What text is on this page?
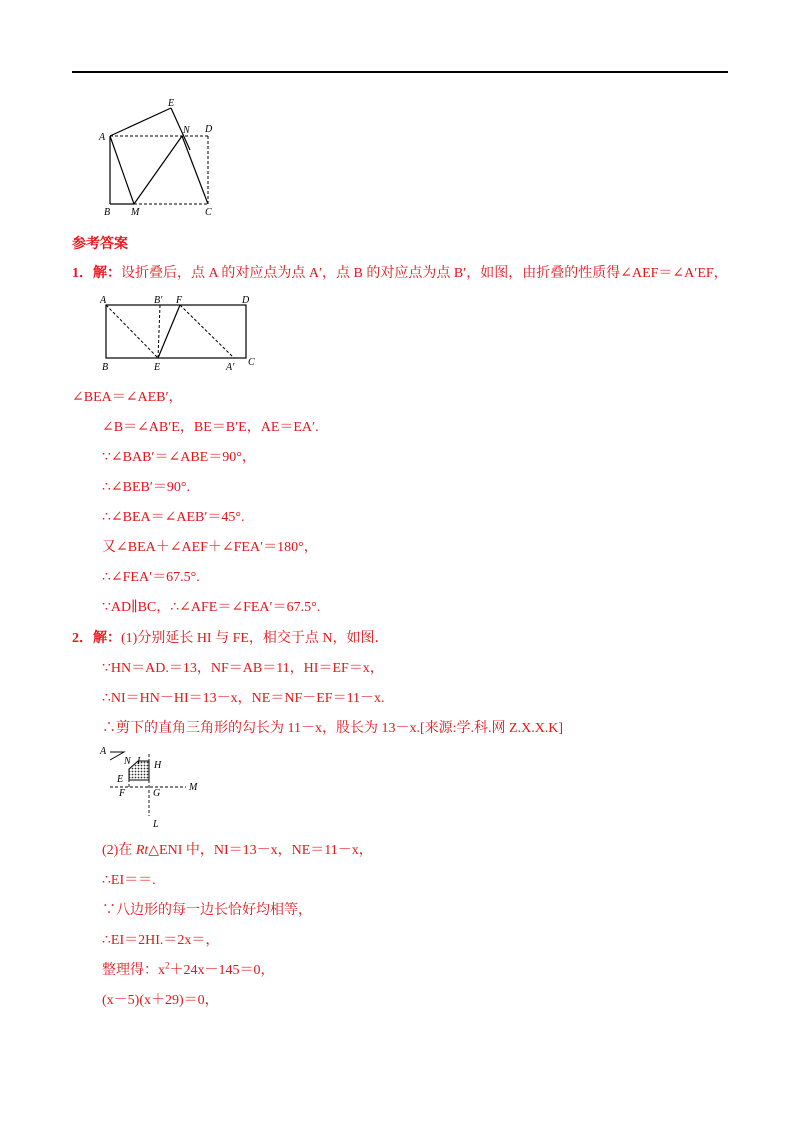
A
E
N D
B M	C
参考答案
1．解：设折叠后，点 A 的对应点为点 A′，点 B 的对应点为点 B′，如图，由折叠的性质得∠AEF＝∠A′EF，
A	B′ F	D
B	E	A′ C
∠BEA＝∠AEB′，
∠B＝∠AB′E，BE＝B′E，AE＝EA′.
∵∠BAB′＝∠ABE＝90°，
∴∠BEB′＝90°.
∴∠BEA＝∠AEB′＝45°.
又∠BEA＋∠AEF＋∠FEA′＝180°，
∴∠FEA′＝67.5°.
∵AD∥BC，∴∠AFE＝∠FEA′＝67.5°.
2．解：(1)分别延长 HI 与 FE，相交于点 N，如图．
∵HN＝AD.＝13，NF＝AB＝11，HI＝EF＝x，
∴NI＝HN－HI＝13－x，NE＝NF－EF＝11－x.
∴剪下的直角三角形的勾长为 11－x，股长为 13－x.[来源:学.科.网 Z.X.X.K]
A
N I H
E
F	G
M
L
(2)在 Rt△ENI 中，NI＝13－x，NE＝11－x，
∴EI＝＝.
∵八边形的每一边长恰好均相等，
∴EI＝2HI.＝2x＝，
整理得：$x^2+24x-145=0$，
(x－5)(x＋29)＝0，
